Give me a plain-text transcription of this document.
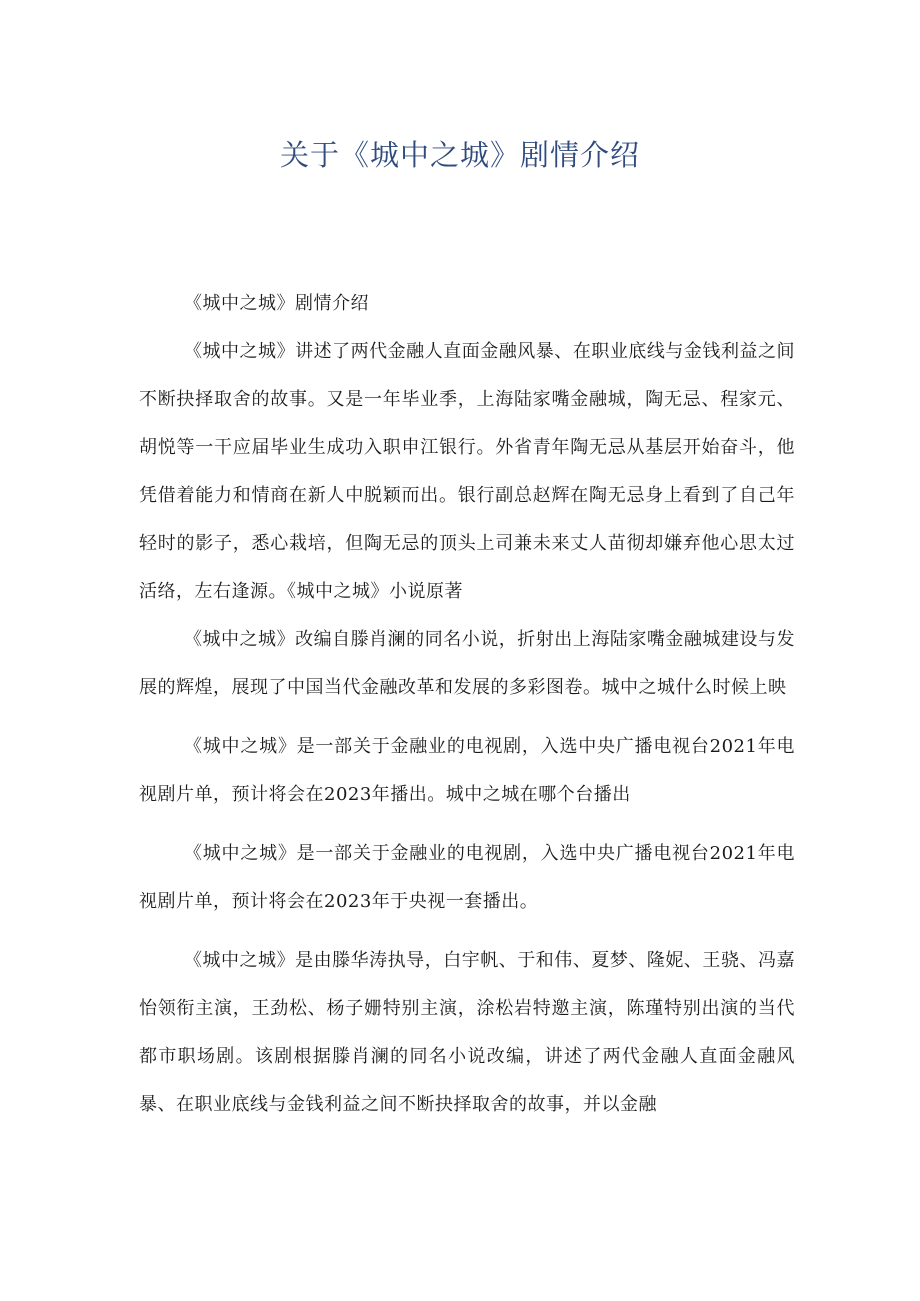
关于《城中之城》剧情介绍

《城中之城》剧情介绍

《城中之城》讲述了两代金融人直面金融风暴、在职业底线与金钱利益之间不断抉择取舍的故事。又是一年毕业季，上海陆家嘴金融城，陶无忌、程家元、胡悦等一干应届毕业生成功入职申江银行。外省青年陶无忌从基层开始奋斗，他凭借着能力和情商在新人中脱颖而出。银行副总赵辉在陶无忌身上看到了自己年轻时的影子，悉心栽培，但陶无忌的顶头上司兼未来丈人苗彻却嫌弃他心思太过活络，左右逢源。《城中之城》小说原著

《城中之城》改编自滕肖澜的同名小说，折射出上海陆家嘴金融城建设与发展的辉煌，展现了中国当代金融改革和发展的多彩图卷。城中之城什么时候上映

《城中之城》是一部关于金融业的电视剧，入选中央广播电视台2021年电视剧片单，预计将会在2023年播出。城中之城在哪个台播出

《城中之城》是一部关于金融业的电视剧，入选中央广播电视台2021年电视剧片单，预计将会在2023年于央视一套播出。

《城中之城》是由滕华涛执导，白宇帆、于和伟、夏梦、隆妮、王骁、冯嘉怡领衔主演，王劲松、杨子姗特别主演，涂松岩特邀主演，陈瑾特别出演的当代都市职场剧。该剧根据滕肖澜的同名小说改编，讲述了两代金融人直面金融风暴、在职业底线与金钱利益之间不断抉择取舍的故事，并以金融
